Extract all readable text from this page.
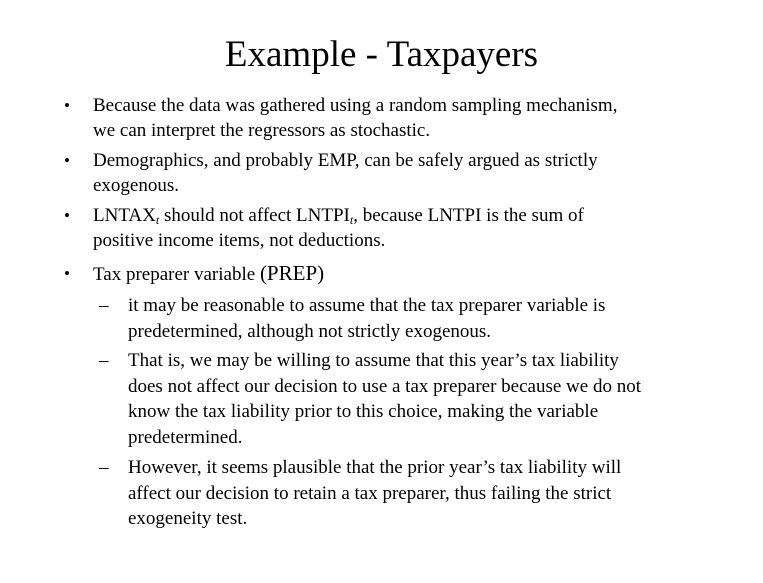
Example - Taxpayers
• Because the data was gathered using a random sampling mechanism,
we can interpret the regressors as stochastic.
• Demographics, and probably EMP, can be safely argued as strictly
exogenous.
• $LNTAX_t$ should not affect $LNTPI_t$, because LNTPI is the sum of
positive income items, not deductions.
• Tax preparer variable (PREP)
– it may be reasonable to assume that the tax preparer variable is
predetermined, although not strictly exogenous.
– That is, we may be willing to assume that this year’s tax liability
does not affect our decision to use a tax preparer because we do not
know the tax liability prior to this choice, making the variable
predetermined.
– However, it seems plausible that the prior year’s tax liability will
affect our decision to retain a tax preparer, thus failing the strict
exogeneity test.
